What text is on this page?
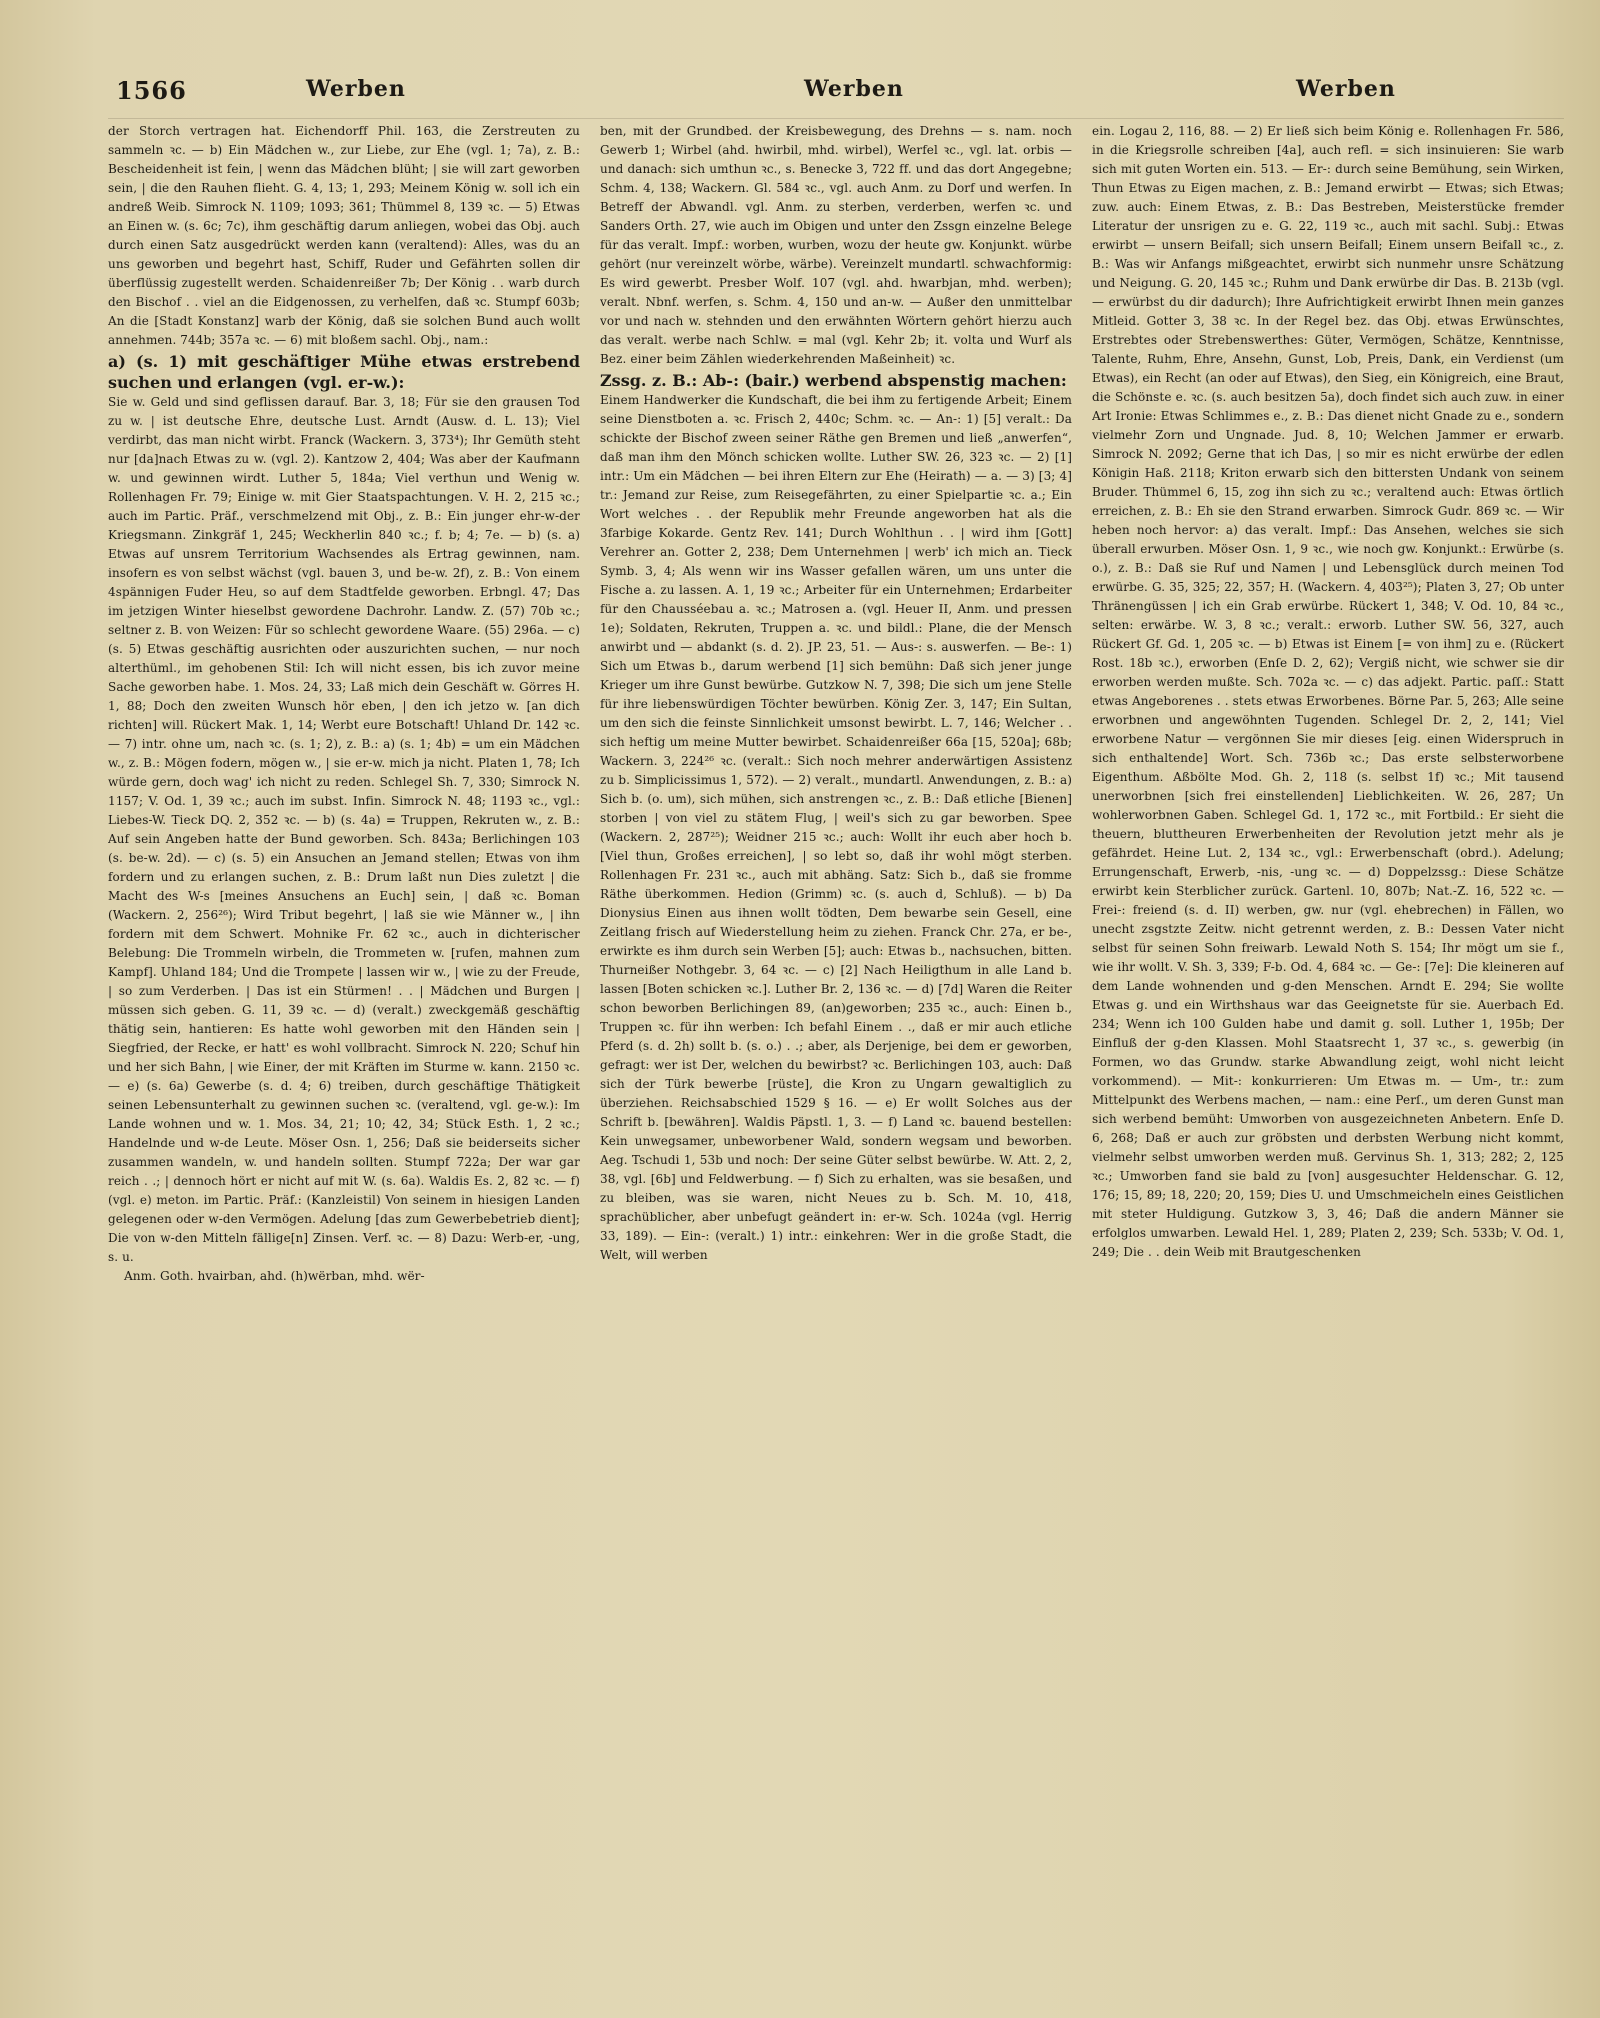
1566	Werben	Werben	Werben

der Storch vertragen hat. Eichendorff Phil. 163, die Zerstreuten zu sammeln ꝛc. — b) Ein Mädchen w., zur Liebe, zur Ehe (vgl. 1; 7a), z. B.: Bescheidenheit ist fein, | wenn das Mädchen blüht; | sie will zart geworben sein, | die den Rauhen flieht. G. 4, 13; 1, 293; Meinem König w. soll ich ein andreß Weib. Simrock N. 1109; 1093; 361; Thümmel 8, 139 ꝛc. — 5) Etwas an Einen w. (s. 6c; 7c), ihm geschäftig darum anliegen, wobei das Obj. auch durch einen Satz ausgedrückt werden kann (veraltend): Alles, was du an uns geworben und begehrt hast, Schiff, Ruder und Gefährten sollen dir überflüssig zugestellt werden. Schaidenreißer 7b; Der König . . warb durch den Bischof . . viel an die Eidgenossen, zu verhelfen, daß ꝛc. Stumpf 603b; An die [Stadt Konstanz] warb der König, daß sie solchen Bund auch wollt annehmen. 744b; 357a ꝛc. — 6) mit bloßem sachl. Obj., nam.:

a) (s. 1) mit geschäftiger Mühe etwas erstrebend suchen und erlangen (vgl. er-w.):

Sie w. Geld und sind geflissen darauf. Bar. 3, 18; Für sie den grausen Tod zu w. | ist deutsche Ehre, deutsche Lust. Arndt (Ausw. d. L. 13); Viel verdirbt, das man nicht wirbt. Franck (Wackern. 3, 373⁴); Ihr Gemüth steht nur [da]nach Etwas zu w. (vgl. 2). Kantzow 2, 404; Was aber der Kaufmann w. und gewinnen wirdt. Luther 5, 184a; Viel verthun und Wenig w. Rollenhagen Fr. 79; Einige w. mit Gier Staatspachtungen. V. H. 2, 215 ꝛc.; auch im Partic. Präf., verschmelzend mit Obj., z. B.: Ein junger ehr-w-der Kriegsmann. Zinkgräf 1, 245; Weckherlin 840 ꝛc.; f. b; 4; 7e. — b) (s. a) Etwas auf unsrem Territorium Wachsendes als Ertrag gewinnen, nam. insofern es von selbst wächst (vgl. bauen 3, und be-w. 2f), z. B.: Von einem 4spännigen Fuder Heu, so auf dem Stadtfelde geworben. Erbngl. 47; Das im jetzigen Winter hieselbst gewordene Dachrohr. Landw. Z. (57) 70b ꝛc.; seltner z. B. von Weizen: Für so schlecht gewordene Waare. (55) 296a. — c) (s. 5) Etwas geschäftig ausrichten oder auszurichten suchen, — nur noch alterthüml., im gehobenen Stil: Ich will nicht essen, bis ich zuvor meine Sache geworben habe. 1. Mos. 24, 33; Laß mich dein Geschäft w. Görres H. 1, 88; Doch den zweiten Wunsch hör eben, | den ich jetzo w. [an dich richten] will. Rückert Mak. 1, 14; Werbt eure Botschaft! Uhland Dr. 142 ꝛc. — 7) intr. ohne um, nach ꝛc. (s. 1; 2), z. B.: a) (s. 1; 4b) = um ein Mädchen w., z. B.: Mögen fodern, mögen w., | sie er-w. mich ja nicht. Platen 1, 78; Ich würde gern, doch wag' ich nicht zu reden. Schlegel Sh. 7, 330; Simrock N. 1157; V. Od. 1, 39 ꝛc.; auch im subst. Infin. Simrock N. 48; 1193 ꝛc., vgl.: Liebes-W. Tieck DQ. 2, 352 ꝛc. — b) (s. 4a) = Truppen, Rekruten w., z. B.: Auf sein Angeben hatte der Bund geworben. Sch. 843a; Berlichingen 103 (s. be-w. 2d). — c) (s. 5) ein Ansuchen an Jemand stellen; Etwas von ihm fordern und zu erlangen suchen, z. B.: Drum laßt nun Dies zuletzt | die Macht des W-s [meines Ansuchens an Euch] sein, | daß ꝛc. Boman (Wackern. 2, 256²⁶); Wird Tribut begehrt, | laß sie wie Männer w., | ihn fordern mit dem Schwert. Mohnike Fr. 62 ꝛc., auch in dichterischer Belebung: Die Trommeln wirbeln, die Trommeten w. [rufen, mahnen zum Kampf]. Uhland 184; Und die Trompete | lassen wir w., | wie zu der Freude, | so zum Verderben. | Das ist ein Stürmen! . . | Mädchen und Burgen | müssen sich geben. G. 11, 39 ꝛc. — d) (veralt.) zweckgemäß geschäftig thätig sein, hantieren: Es hatte wohl geworben mit den Händen sein | Siegfried, der Recke, er hatt' es wohl vollbracht. Simrock N. 220; Schuf hin und her sich Bahn, | wie Einer, der mit Kräften im Sturme w. kann. 2150 ꝛc. — e) (s. 6a) Gewerbe (s. d. 4; 6) treiben, durch geschäftige Thätigkeit seinen Lebensunterhalt zu gewinnen suchen ꝛc. (veraltend, vgl. ge-w.): Im Lande wohnen und w. 1. Mos. 34, 21; 10; 42, 34; Stück Esth. 1, 2 ꝛc.; Handelnde und w-de Leute. Möser Osn. 1, 256; Daß sie beiderseits sicher zusammen wandeln, w. und handeln sollten. Stumpf 722a; Der war gar reich . .; | dennoch hört er nicht auf mit W. (s. 6a). Waldis Es. 2, 82 ꝛc. — f) (vgl. e) meton. im Partic. Präf.: (Kanzleistil) Von seinem in hiesigen Landen gelegenen oder w-den Vermögen. Adelung [das zum Gewerbebetrieb dient]; Die von w-den Mitteln fällige[n] Zinsen. Verf. ꝛc. — 8) Dazu: Werb-er, -ung, s. u.

Anm. Goth. hvairban, ahd. (h)wërban, mhd. wër-

ben, mit der Grundbed. der Kreisbewegung, des Drehns — s. nam. noch Gewerb 1; Wirbel (ahd. hwirbil, mhd. wirbel), Werfel ꝛc., vgl. lat. orbis — und danach: sich umthun ꝛc., s. Benecke 3, 722 ff. und das dort Angegebne; Schm. 4, 138; Wackern. Gl. 584 ꝛc., vgl. auch Anm. zu Dorf und werfen. In Betreff der Abwandl. vgl. Anm. zu sterben, verderben, werfen ꝛc. und Sanders Orth. 27, wie auch im Obigen und unter den Zssgn einzelne Belege für das veralt. Impf.: worben, wurben, wozu der heute gw. Konjunkt. würbe gehört (nur vereinzelt wörbe, wärbe). Vereinzelt mundartl. schwachformig: Es wird gewerbt. Presber Wolf. 107 (vgl. ahd. hwarbjan, mhd. werben); veralt. Nbnf. werfen, s. Schm. 4, 150 und an-w. — Außer den unmittelbar vor und nach w. stehnden und den erwähnten Wörtern gehört hierzu auch das veralt. werbe nach Schlw. = mal (vgl. Kehr 2b; it. volta und Wurf als Bez. einer beim Zählen wiederkehrenden Maßeinheit) ꝛc.

Zssg. z. B.: Ab-: (bair.) werbend abspenstig machen:

Einem Handwerker die Kundschaft, die bei ihm zu fertigende Arbeit; Einem seine Dienstboten a. ꝛc. Frisch 2, 440c; Schm. ꝛc. — An-: 1) [5] veralt.: Da schickte der Bischof zween seiner Räthe gen Bremen und ließ „anwerfen“, daß man ihm den Mönch schicken wollte. Luther SW. 26, 323 ꝛc. — 2) [1] intr.: Um ein Mädchen — bei ihren Eltern zur Ehe (Heirath) — a. — 3) [3; 4] tr.: Jemand zur Reise, zum Reisegefährten, zu einer Spielpartie ꝛc. a.; Ein Wort welches . . der Republik mehr Freunde angeworben hat als die 3farbige Kokarde. Gentz Rev. 141; Durch Wohlthun . . | wird ihm [Gott] Verehrer an. Gotter 2, 238; Dem Unternehmen | werb' ich mich an. Tieck Symb. 3, 4; Als wenn wir ins Wasser gefallen wären, um uns unter die Fische a. zu lassen. A. 1, 19 ꝛc.; Arbeiter für ein Unternehmen; Erdarbeiter für den Chausséebau a. ꝛc.; Matrosen a. (vgl. Heuer II, Anm. und pressen 1e); Soldaten, Rekruten, Truppen a. ꝛc. und bildl.: Plane, die der Mensch anwirbt und — abdankt (s. d. 2). JP. 23, 51. — Aus-: s. auswerfen. — Be-: 1) Sich um Etwas b., darum werbend [1] sich bemühn: Daß sich jener junge Krieger um ihre Gunst bewürbe. Gutzkow N. 7, 398; Die sich um jene Stelle für ihre liebenswürdigen Töchter bewürben. König Zer. 3, 147; Ein Sultan, um den sich die feinste Sinnlichkeit umsonst bewirbt. L. 7, 146; Welcher . . sich heftig um meine Mutter bewirbet. Schaidenreißer 66a [15, 520a]; 68b; Wackern. 3, 224²⁶ ꝛc. (veralt.: Sich noch mehrer anderwärtigen Assistenz zu b. Simplicissimus 1, 572). — 2) veralt., mundartl. Anwendungen, z. B.: a) Sich b. (o. um), sich mühen, sich anstrengen ꝛc., z. B.: Daß etliche [Bienen] storben | von viel zu stätem Flug, | weil's sich zu gar beworben. Spee (Wackern. 2, 287²⁵); Weidner 215 ꝛc.; auch: Wollt ihr euch aber hoch b. [Viel thun, Großes erreichen], | so lebt so, daß ihr wohl mögt sterben. Rollenhagen Fr. 231 ꝛc., auch mit abhäng. Satz: Sich b., daß sie fromme Räthe überkommen. Hedion (Grimm) ꝛc. (s. auch d, Schluß). — b) Da Dionysius Einen aus ihnen wollt tödten, Dem bewarbe sein Gesell, eine Zeitlang frisch auf Wiederstellung heim zu ziehen. Franck Chr. 27a, er be-, erwirkte es ihm durch sein Werben [5]; auch: Etwas b., nachsuchen, bitten. Thurneißer Nothgebr. 3, 64 ꝛc. — c) [2] Nach Heiligthum in alle Land b. lassen [Boten schicken ꝛc.]. Luther Br. 2, 136 ꝛc. — d) [7d] Waren die Reiter schon beworben Berlichingen 89, (an)geworben; 235 ꝛc., auch: Einen b., Truppen ꝛc. für ihn werben: Ich befahl Einem . ., daß er mir auch etliche Pferd (s. d. 2h) sollt b. (s. o.) . .; aber, als Derjenige, bei dem er geworben, gefragt: wer ist Der, welchen du bewirbst? ꝛc. Berlichingen 103, auch: Daß sich der Türk bewerbe [rüste], die Kron zu Ungarn gewaltiglich zu überziehen. Reichsabschied 1529 § 16. — e) Er wollt Solches aus der Schrift b. [bewähren]. Waldis Päpstl. 1, 3. — f) Land ꝛc. bauend bestellen: Kein unwegsamer, unbeworbener Wald, sondern wegsam und beworben. Aeg. Tschudi 1, 53b und noch: Der seine Güter selbst bewürbe. W. Att. 2, 2, 38, vgl. [6b] und Feldwerbung. — f) Sich zu erhalten, was sie besaßen, und zu bleiben, was sie waren, nicht Neues zu b. Sch. M. 10, 418, sprachüblicher, aber unbefugt geändert in: er-w. Sch. 1024a (vgl. Herrig 33, 189). — Ein-: (veralt.) 1) intr.: einkehren: Wer in die große Stadt, die Welt, will werben

ein. Logau 2, 116, 88. — 2) Er ließ sich beim König e. Rollenhagen Fr. 586, in die Kriegsrolle schreiben [4a], auch refl. = sich insinuieren: Sie warb sich mit guten Worten ein. 513. — Er-: durch seine Bemühung, sein Wirken, Thun Etwas zu Eigen machen, z. B.: Jemand erwirbt — Etwas; sich Etwas; zuw. auch: Einem Etwas, z. B.: Das Bestreben, Meisterstücke fremder Literatur der unsrigen zu e. G. 22, 119 ꝛc., auch mit sachl. Subj.: Etwas erwirbt — unsern Beifall; sich unsern Beifall; Einem unsern Beifall ꝛc., z. B.: Was wir Anfangs mißgeachtet, erwirbt sich nunmehr unsre Schätzung und Neigung. G. 20, 145 ꝛc.; Ruhm und Dank erwürbe dir Das. B. 213b (vgl. — erwürbst du dir dadurch); Ihre Aufrichtigkeit erwirbt Ihnen mein ganzes Mitleid. Gotter 3, 38 ꝛc. In der Regel bez. das Obj. etwas Erwünschtes, Erstrebtes oder Strebenswerthes: Güter, Vermögen, Schätze, Kenntnisse, Talente, Ruhm, Ehre, Ansehn, Gunst, Lob, Preis, Dank, ein Verdienst (um Etwas), ein Recht (an oder auf Etwas), den Sieg, ein Königreich, eine Braut, die Schönste e. ꝛc. (s. auch besitzen 5a), doch findet sich auch zuw. in einer Art Ironie: Etwas Schlimmes e., z. B.: Das dienet nicht Gnade zu e., sondern vielmehr Zorn und Ungnade. Jud. 8, 10; Welchen Jammer er erwarb. Simrock N. 2092; Gerne that ich Das, | so mir es nicht erwürbe der edlen Königin Haß. 2118; Kriton erwarb sich den bittersten Undank von seinem Bruder. Thümmel 6, 15, zog ihn sich zu ꝛc.; veraltend auch: Etwas örtlich erreichen, z. B.: Eh sie den Strand erwarben. Simrock Gudr. 869 ꝛc. — Wir heben noch hervor: a) das veralt. Impf.: Das Ansehen, welches sie sich überall erwurben. Möser Osn. 1, 9 ꝛc., wie noch gw. Konjunkt.: Erwürbe (s. o.), z. B.: Daß sie Ruf und Namen | und Lebensglück durch meinen Tod erwürbe. G. 35, 325; 22, 357; H. (Wackern. 4, 403²⁵); Platen 3, 27; Ob unter Thränengüssen | ich ein Grab erwürbe. Rückert 1, 348; V. Od. 10, 84 ꝛc., selten: erwärbe. W. 3, 8 ꝛc.; veralt.: erworb. Luther SW. 56, 327, auch Rückert Gf. Gd. 1, 205 ꝛc. — b) Etwas ist Einem [= von ihm] zu e. (Rückert Rost. 18b ꝛc.), erworben (Enſe D. 2, 62); Vergiß nicht, wie schwer sie dir erworben werden mußte. Sch. 702a ꝛc. — c) das adjekt. Partic. paſſ.: Statt etwas Angeborenes . . stets etwas Erworbenes. Börne Par. 5, 263; Alle seine erworbnen und angewöhnten Tugenden. Schlegel Dr. 2, 2, 141; Viel erworbene Natur — vergönnen Sie mir dieses [eig. einen Widerspruch in sich enthaltende] Wort. Sch. 736b ꝛc.; Das erste selbsterworbene Eigenthum. Aßbölte Mod. Gh. 2, 118 (s. selbst 1f) ꝛc.; Mit tausend unerworbnen [sich frei einstellenden] Lieblichkeiten. W. 26, 287; Un wohlerworbnen Gaben. Schlegel Gd. 1, 172 ꝛc., mit Fortbild.: Er sieht die theuern, bluttheuren Erwerbenheiten der Revolution jetzt mehr als je gefährdet. Heine Lut. 2, 134 ꝛc., vgl.: Erwerbenschaft (obrd.). Adelung; Errungenschaft, Erwerb, -nis, -ung ꝛc. — d) Doppelzssg.: Diese Schätze erwirbt kein Sterblicher zurück. Gartenl. 10, 807b; Nat.-Z. 16, 522 ꝛc. — Frei-: freiend (s. d. II) werben, gw. nur (vgl. ehebrechen) in Fällen, wo unecht zsgstzte Zeitw. nicht getrennt werden, z. B.: Dessen Vater nicht selbst für seinen Sohn freiwarb. Lewald Noth S. 154; Ihr mögt um sie f., wie ihr wollt. V. Sh. 3, 339; F-b. Od. 4, 684 ꝛc. — Ge-: [7e]: Die kleineren auf dem Lande wohnenden und g-den Menschen. Arndt E. 294; Sie wollte Etwas g. und ein Wirthshaus war das Geeignetste für sie. Auerbach Ed. 234; Wenn ich 100 Gulden habe und damit g. soll. Luther 1, 195b; Der Einfluß der g-den Klassen. Mohl Staatsrecht 1, 37 ꝛc., s. gewerbig (in Formen, wo das Grundw. starke Abwandlung zeigt, wohl nicht leicht vorkommend). — Mit-: konkurrieren: Um Etwas m. — Um-, tr.: zum Mittelpunkt des Werbens machen, — nam.: eine Perſ., um deren Gunst man sich werbend bemüht: Umworben von ausgezeichneten Anbetern. Enſe D. 6, 268; Daß er auch zur gröbsten und derbsten Werbung nicht kommt, vielmehr selbst umworben werden muß. Gervinus Sh. 1, 313; 282; 2, 125 ꝛc.; Umworben fand sie bald zu [von] ausgesuchter Heldenschar. G. 12, 176; 15, 89; 18, 220; 20, 159; Dies U. und Umschmeicheln eines Geistlichen mit steter Huldigung. Gutzkow 3, 3, 46; Daß die andern Männer sie erfolglos umwarben. Lewald Hel. 1, 289; Platen 2, 239; Sch. 533b; V. Od. 1, 249; Die . . dein Weib mit Brautgeschenken
